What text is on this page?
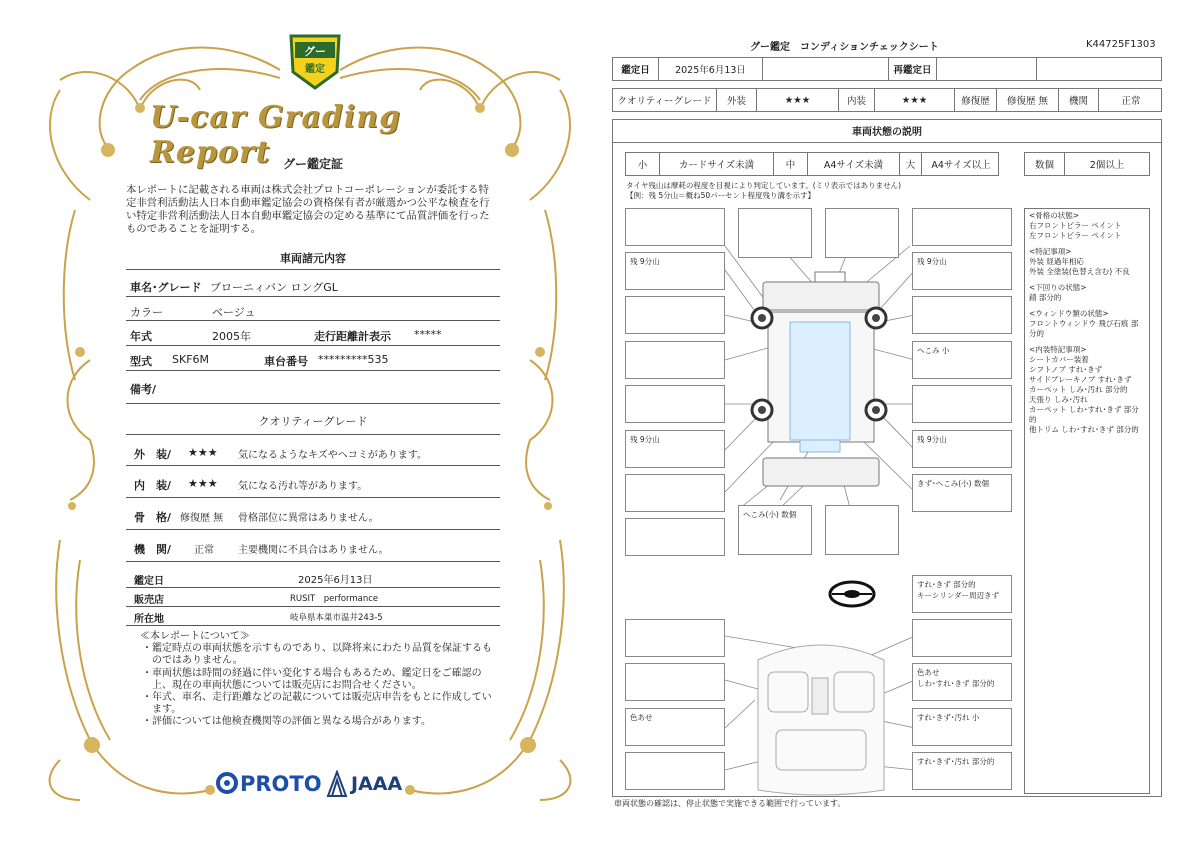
グー
鑑定
U-car Grading Report	グー鑑定証
本レポートに記載される車両は株式会社プロトコーポレーションが委託する特定非営利活動法人日本自動車鑑定協会の資格保有者が厳選かつ公平な検査を行い特定非営利活動法人日本自動車鑑定協会の定める基準にて品質評価を行ったものであることを証明する。
車両諸元内容
車名･グレード ブローニィバン ロングGL
カラー	ベージュ
年式	2005年	走行距離計表示 *****
型式 SKF6M	車台番号 *********535
備考/
クオリティーグレード
外　装/ ★★★ 気になるようなキズやヘコミがあります。
内　装/ ★★★ 気になる汚れ等があります。
骨　格/ 修復歴 無 骨格部位に異常はありません。
機　関/ 正常 主要機関に不具合はありません。
鑑定日	2025年6月13日
販売店	RUSIT　performance
所在地	岐阜県本巣市温井243-5
≪本レポートについて≫
・鑑定時点の車両状態を示すものであり、以降将来にわたり品質を保証するものではありません。
・車両状態は時間の経過に伴い変化する場合もあるため、鑑定日をご確認の上、現在の車両状態については販売店にお問合せください。
・年式、車名、走行距離などの記載については販売店申告をもとに作成しています。
・評価については他検査機関等の評価と異なる場合があります。
PROTO JAAA
グー鑑定　コンディションチェックシート	K44725F1303
鑑定日	2025年6月13日	再鑑定日
クオリティーグレード	外装	★★★	内装	★★★	修復歴	修復歴 無	機関	正常
車両状態の説明
小	カードサイズ未満	中	A4サイズ未満	大	A4サイズ以上	数個	2個以上
タイヤ残山は摩耗の程度を目視により判定しています。(ミリ表示ではありません)
【例：残 5分山＝概ね50パーセント程度残り溝を示す】
残 9分山	残 9分山
へこみ 小
残 9分山	残 9分山
きず･へこみ(小) 数個
へこみ(小) 数個
すれ･きず 部分的
キーシリンダー周辺きず
色あせ
しわ･すれ･きず 部分的
色あせ	すれ･きず･汚れ 小
すれ･きず･汚れ 部分的
<骨格の状態>
右フロントピラー ペイント
左フロントピラー ペイント
<特記事項>
外装 経過年相応
外装 全塗装(色替え含む) 不良
<下回りの状態>
錆 部分的
<ウィンドウ類の状態>
フロントウィンドウ 飛び石痕 部分的
<内装特記事項>
シートカバー装着
シフトノブ すれ･きず
サイドブレーキノブ すれ･きず
カーペット しみ･汚れ 部分的
天張り しみ･汚れ
カーペット しわ･すれ･きず 部分的
他トリム しわ･すれ･きず 部分的
車両状態の確認は、停止状態で実施できる範囲で行っています。
